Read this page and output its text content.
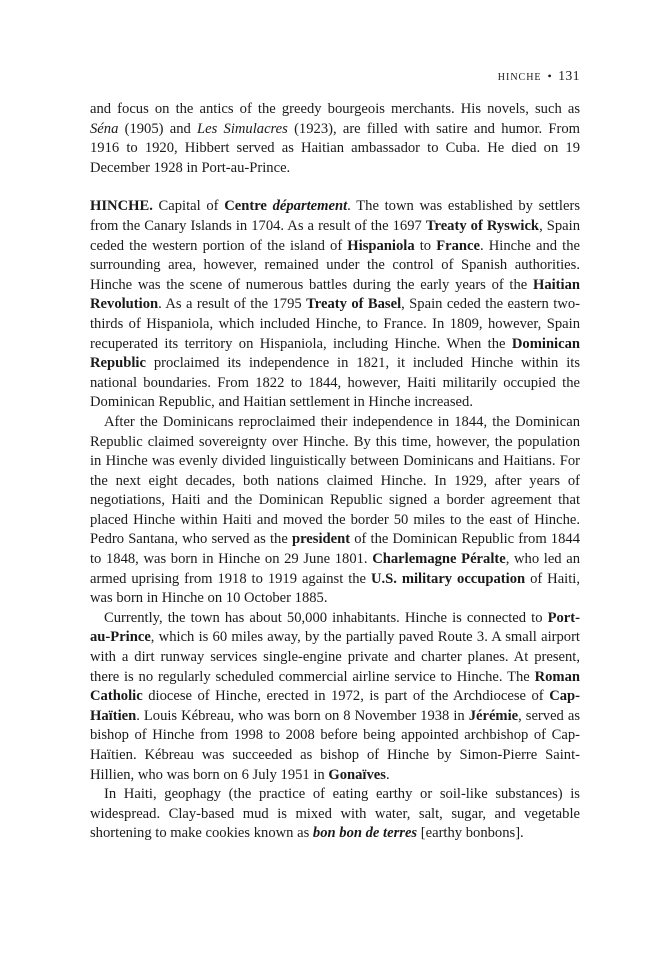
HINCHE • 131

and focus on the antics of the greedy bourgeois merchants. His novels, such as Séna (1905) and Les Simulacres (1923), are filled with satire and humor. From 1916 to 1920, Hibbert served as Haitian ambassador to Cuba. He died on 19 December 1928 in Port-au-Prince.

HINCHE. Capital of Centre département. The town was established by settlers from the Canary Islands in 1704. As a result of the 1697 Treaty of Ryswick, Spain ceded the western portion of the island of Hispaniola to France. Hinche and the surrounding area, however, remained under the control of Spanish authorities. Hinche was the scene of numerous battles during the early years of the Haitian Revolution. As a result of the 1795 Treaty of Basel, Spain ceded the eastern two-thirds of Hispaniola, which included Hinche, to France. In 1809, however, Spain recuperated its territory on Hispaniola, including Hinche. When the Dominican Republic proclaimed its independence in 1821, it included Hinche within its national boundaries. From 1822 to 1844, however, Haiti militarily occupied the Dominican Republic, and Haitian settlement in Hinche increased.

After the Dominicans reproclaimed their independence in 1844, the Dominican Republic claimed sovereignty over Hinche. By this time, however, the population in Hinche was evenly divided linguistically between Dominicans and Haitians. For the next eight decades, both nations claimed Hinche. In 1929, after years of negotiations, Haiti and the Dominican Republic signed a border agreement that placed Hinche within Haiti and moved the border 50 miles to the east of Hinche. Pedro Santana, who served as the president of the Dominican Republic from 1844 to 1848, was born in Hinche on 29 June 1801. Charlemagne Péralte, who led an armed uprising from 1918 to 1919 against the U.S. military occupation of Haiti, was born in Hinche on 10 October 1885.

Currently, the town has about 50,000 inhabitants. Hinche is connected to Port-au-Prince, which is 60 miles away, by the partially paved Route 3. A small airport with a dirt runway services single-engine private and charter planes. At present, there is no regularly scheduled commercial airline service to Hinche. The Roman Catholic diocese of Hinche, erected in 1972, is part of the Archdiocese of Cap-Haïtien. Louis Kébreau, who was born on 8 November 1938 in Jérémie, served as bishop of Hinche from 1998 to 2008 before being appointed archbishop of Cap-Haïtien. Kébreau was succeeded as bishop of Hinche by Simon-Pierre Saint-Hillien, who was born on 6 July 1951 in Gonaïves.

In Haiti, geophagy (the practice of eating earthy or soil-like substances) is widespread. Clay-based mud is mixed with water, salt, sugar, and vegetable shortening to make cookies known as bon bon de terres [earthy bonbons].
